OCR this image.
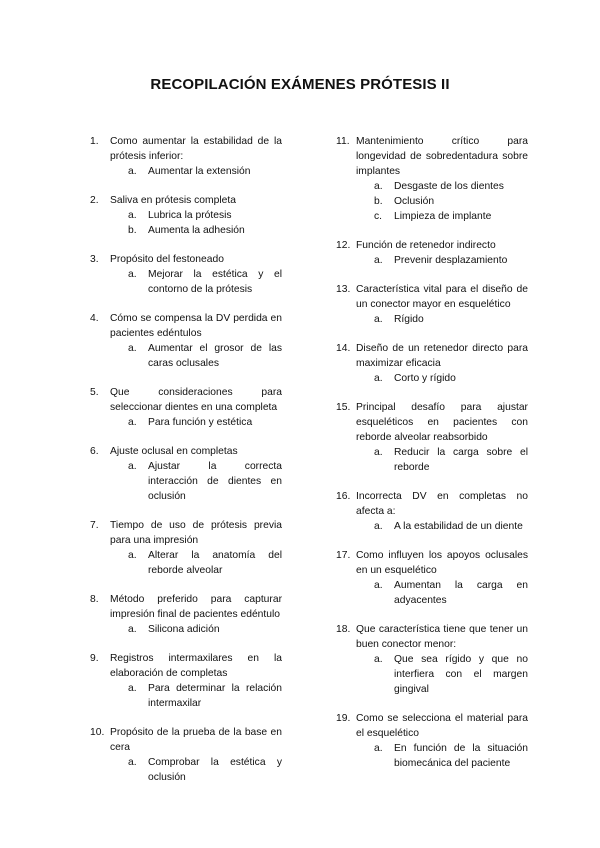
RECOPILACIÓN EXÁMENES PRÓTESIS II
1.	Como aumentar la estabilidad de la prótesis inferior:
a. Aumentar la extensión
2.	Saliva en prótesis completa
a. Lubrica la prótesis
b. Aumenta la adhesión
3.	Propósito del festoneado
a. Mejorar la estética y el contorno de la prótesis
4.	Cómo se compensa la DV perdida en pacientes edéntulos
a. Aumentar el grosor de las caras oclusales
5.	Que consideraciones para seleccionar dientes en una completa
a. Para función y estética
6.	Ajuste oclusal en completas
a. Ajustar la correcta interacción de dientes en oclusión
7.	Tiempo de uso de prótesis previa para una impresión
a. Alterar la anatomía del reborde alveolar
8.	Método preferido para capturar impresión final de pacientes edéntulo
a. Silicona adición
9.	Registros intermaxilares en la elaboración de completas
a. Para determinar la relación intermaxilar
10. Propósito de la prueba de la base en cera
a. Comprobar la estética y oclusión
11. Mantenimiento crítico para longevidad de sobredentadura sobre implantes
a. Desgaste de los dientes
b. Oclusión
c. Limpieza de implante
12. Función de retenedor indirecto
a. Prevenir desplazamiento
13. Característica vital para el diseño de un conector mayor en esquelético
a. Rígido
14. Diseño de un retenedor directo para maximizar eficacia
a. Corto y rígido
15. Principal desafío para ajustar esqueléticos en pacientes con reborde alveolar reabsorbido
a. Reducir la carga sobre el reborde
16. Incorrecta DV en completas no afecta a:
a. A la estabilidad de un diente
17. Como influyen los apoyos oclusales en un esquelético
a. Aumentan la carga en adyacentes
18. Que característica tiene que tener un buen conector menor:
a. Que sea rígido y que no interfiera con el margen gingival
19. Como se selecciona el material para el esquelético
a. En función de la situación biomecánica del paciente
